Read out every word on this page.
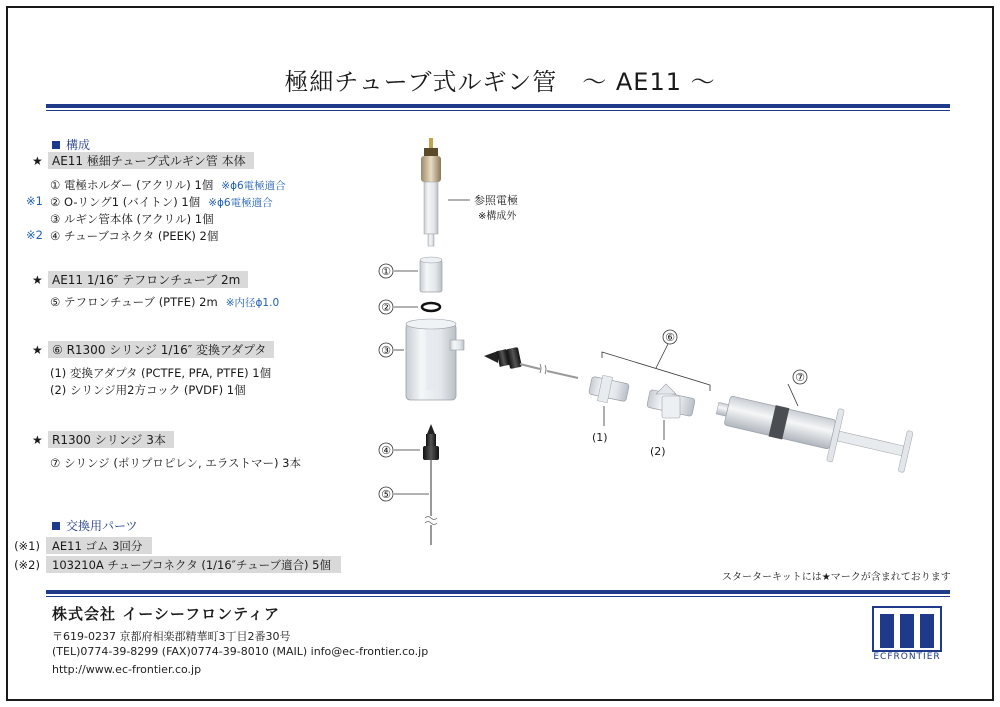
極細チューブ式ルギン管　～ AE11 ～
構成
★ AE11 極細チューブ式ルギン管 本体
① 電極ホルダー (アクリル) 1個 ※ϕ6電極適合
※1 ② O-リング1 (バイトン) 1個 ※ϕ6電極適合
③ ルギン管本体 (アクリル) 1個
※2 ④ チューブコネクタ (PEEK) 2個
★ AE11 1/16″ テフロンチューブ 2m
⑤ テフロンチューブ (PTFE) 2m ※内径ϕ1.0
★ ⑥ R1300 シリンジ 1/16″ 変換アダプタ
(1) 変換アダプタ (PCTFE, PFA, PTFE) 1個
(2) シリンジ用2方コック (PVDF) 1個
★ R1300 シリンジ 3本
⑦ シリンジ (ポリプロピレン, エラストマー) 3本
交換用パーツ
(※1)	AE11 ゴム 3回分
(※2)	103210A チューブコネクタ (1/16″チューブ適合) 5個
スターターキットには★マークが含まれております
株式会社 イーシーフロンティア
〒619-0237 京都府相楽郡精華町3丁目2番30号
(TEL)0774-39-8299 (FAX)0774-39-8010 (MAIL) info@ec-frontier.co.jp
http://www.ec-frontier.co.jp
ECFRONTIER
参照電極
※構成外
①
②
③
④
⑤
⑥
(1)
(2)
⑦
